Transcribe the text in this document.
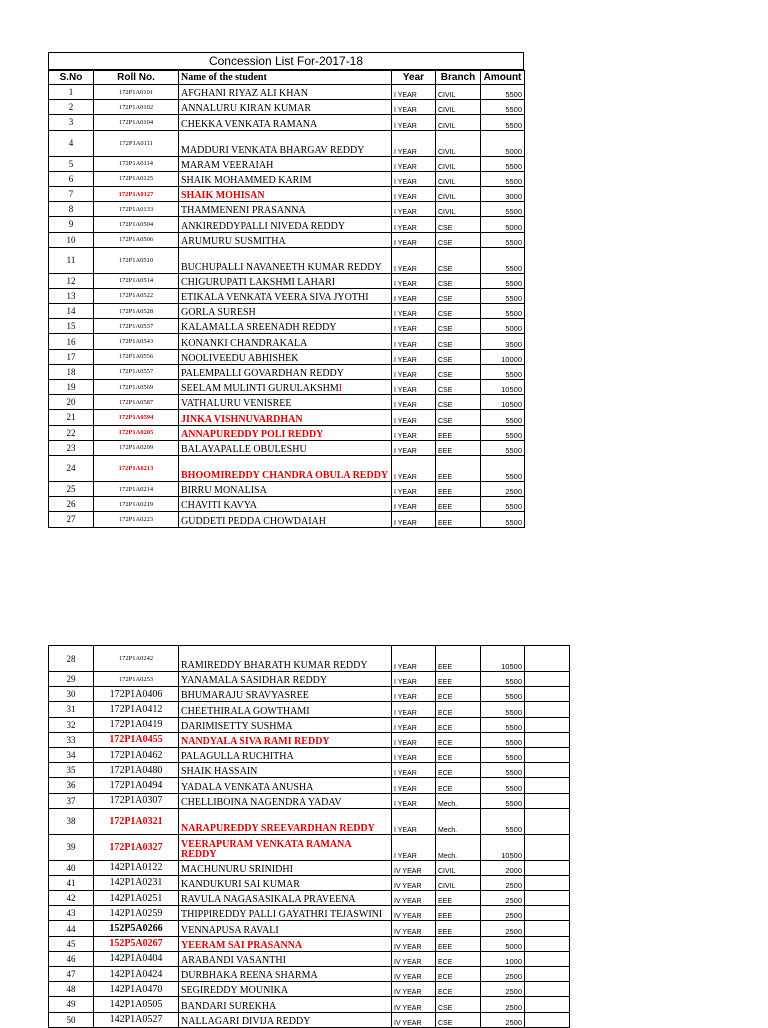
Concession List For-2017-18
S.No	Roll No.	Name of the student	Year	Branch	Amount
1	172P1A0101	AFGHANI RIYAZ ALI KHAN	I YEAR	CIVIL	5500
2	172P1A0102	ANNALURU KIRAN KUMAR	I YEAR	CIVIL	5500
3	172P1A0104	CHEKKA VENKATA RAMANA	I YEAR	CIVIL	5500
4	172P1A0111	MADDURI VENKATA BHARGAV REDDY	I YEAR	CIVIL	5000
5	172P1A0114	MARAM VEERAIAH	I YEAR	CIVIL	5500
6	172P1A0125	SHAIK MOHAMMED KARIM	I YEAR	CIVIL	5500
7	172P1A0127	SHAIK MOHISAN	I YEAR	CIVIL	3000
8	172P1A0133	THAMMENENI PRASANNA	I YEAR	CIVIL	5500
9	172P1A0504	ANKIREDDYPALLI NIVEDA REDDY	I YEAR	CSE	5000
10	172P1A0506	ARUMURU SUSMITHA	I YEAR	CSE	5500
11	172P1A0510	BUCHUPALLI NAVANEETH KUMAR REDDY	I YEAR	CSE	5500
12	172P1A0514	CHIGURUPATI LAKSHMI LAHARI	I YEAR	CSE	5500
13	172P1A0522	ETIKALA VENKATA VEERA SIVA JYOTHI	I YEAR	CSE	5500
14	172P1A0528	GORLA SURESH	I YEAR	CSE	5500
15	172P1A0537	KALAMALLA SREENADH REDDY	I YEAR	CSE	5000
16	172P1A0543	KONANKI CHANDRAKALA	I YEAR	CSE	3500
17	172P1A0556	NOOLIVEEDU ABHISHEK	I YEAR	CSE	10000
18	172P1A0557	PALEMPALLI GOVARDHAN REDDY	I YEAR	CSE	5500
19	172P1A0569	SEELAM MULINTI GURULAKSHMI	I YEAR	CSE	10500
20	172P1A0587	VATHALURU VENISREE	I YEAR	CSE	10500
21	172P1A0594	JINKA VISHNUVARDHAN	I YEAR	CSE	5500
22	172P1A0205	ANNAPUREDDY POLI REDDY	I YEAR	EEE	5500
23	172P1A0209	BALAYAPALLE OBULESHU	I YEAR	EEE	5500
24	172P1A0213	BHOOMIREDDY CHANDRA OBULA REDDY	I YEAR	EEE	5500
25	172P1A0214	BIRRU MONALISA	I YEAR	EEE	2500
26	172P1A0219	CHAVITI KAVYA	I YEAR	EEE	5500
27	172P1A0223	GUDDETI PEDDA CHOWDAIAH	I YEAR	EEE	5500
28	172P1A0242	RAMIREDDY BHARATH KUMAR REDDY	I YEAR	EEE	10500	
29	172P1A0253	YANAMALA SASIDHAR REDDY	I YEAR	EEE	5500	
30	172P1A0406	BHUMARAJU SRAVYASREE	I YEAR	ECE	5500	
31	172P1A0412	CHEETHIRALA GOWTHAMI	I YEAR	ECE	5500	
32	172P1A0419	DARIMISETTY SUSHMA	I YEAR	ECE	5500	
33	172P1A0455	NANDYALA SIVA RAMI REDDY	I YEAR	ECE	5500	
34	172P1A0462	PALAGULLA RUCHITHA	I YEAR	ECE	5500	
35	172P1A0480	SHAIK HASSAIN	I YEAR	ECE	5500	
36	172P1A0494	YADALA VENKATA ANUSHA	I YEAR	ECE	5500	
37	172P1A0307	CHELLIBOINA NAGENDRA YADAV	I YEAR	Mech.	5500	
38	172P1A0321	NARAPUREDDY SREEVARDHAN REDDY	I YEAR	Mech.	5500	
39	172P1A0327	VEERAPURAM VENKATA RAMANA REDDY	I YEAR	Mech.	10500	
40	142P1A0122	MACHUNURU SRINIDHI	IV YEAR	CIVIL	2000	
41	142P1A0231	KANDUKURI SAI KUMAR	IV YEAR	CIVIL	2500	
42	142P1A0251	RAVULA NAGASASIKALA PRAVEENA	IV YEAR	EEE	2500	
43	142P1A0259	THIPPIREDDY PALLI GAYATHRI TEJASWINI	IV YEAR	EEE	2500	
44	152P5A0266	VENNAPUSA RAVALI	IV YEAR	EEE	2500	
45	152P5A0267	YEERAM SAI PRASANNA	IV YEAR	EEE	5000	
46	142P1A0404	ARABANDI VASANTHI	IV YEAR	ECE	1000	
47	142P1A0424	DURBHAKA REENA SHARMA	IV YEAR	ECE	2500	
48	142P1A0470	SEGIREDDY MOUNIKA	IV YEAR	ECE	2500	
49	142P1A0505	BANDARI SUREKHA	IV YEAR	CSE	2500	
50	142P1A0527	NALLAGARI DIVIJA REDDY	IV YEAR	CSE	2500	
